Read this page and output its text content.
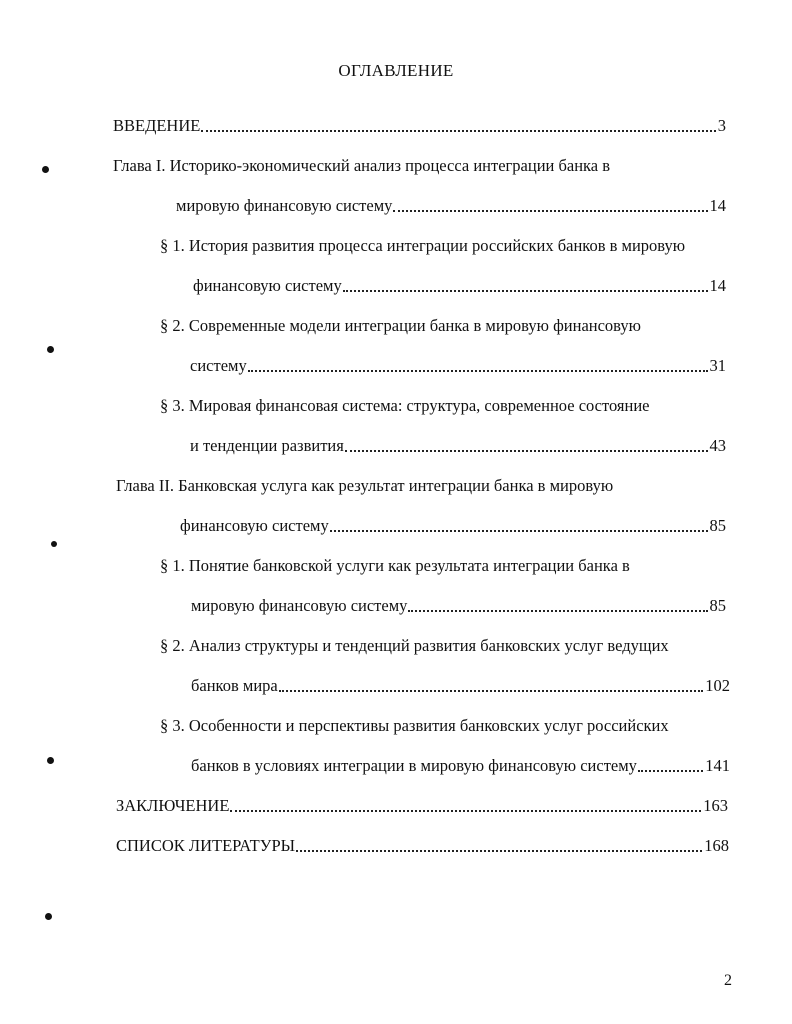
ОГЛАВЛЕНИЕ
ВВЕДЕНИЕ	3
Глава I. Историко-экономический анализ процесса интеграции банка в
мировую финансовую систему	14
§ 1. История развития процесса интеграции российских банков в мировую
финансовую систему	14
§ 2. Современные модели интеграции банка в мировую финансовую
систему	31
§ 3. Мировая финансовая система: структура, современное состояние
и тенденции развития	43
Глава II. Банковская услуга как результат интеграции банка в мировую
финансовую систему	85
§ 1. Понятие банковской услуги как результата интеграции банка в
мировую финансовую систему	85
§ 2. Анализ структуры и тенденций развития банковских услуг ведущих
банков мира	102
§ 3. Особенности и перспективы развития банковских услуг российских
банков в условиях интеграции в мировую финансовую систему	141
ЗАКЛЮЧЕНИЕ	163
СПИСОК ЛИТЕРАТУРЫ	168
2
